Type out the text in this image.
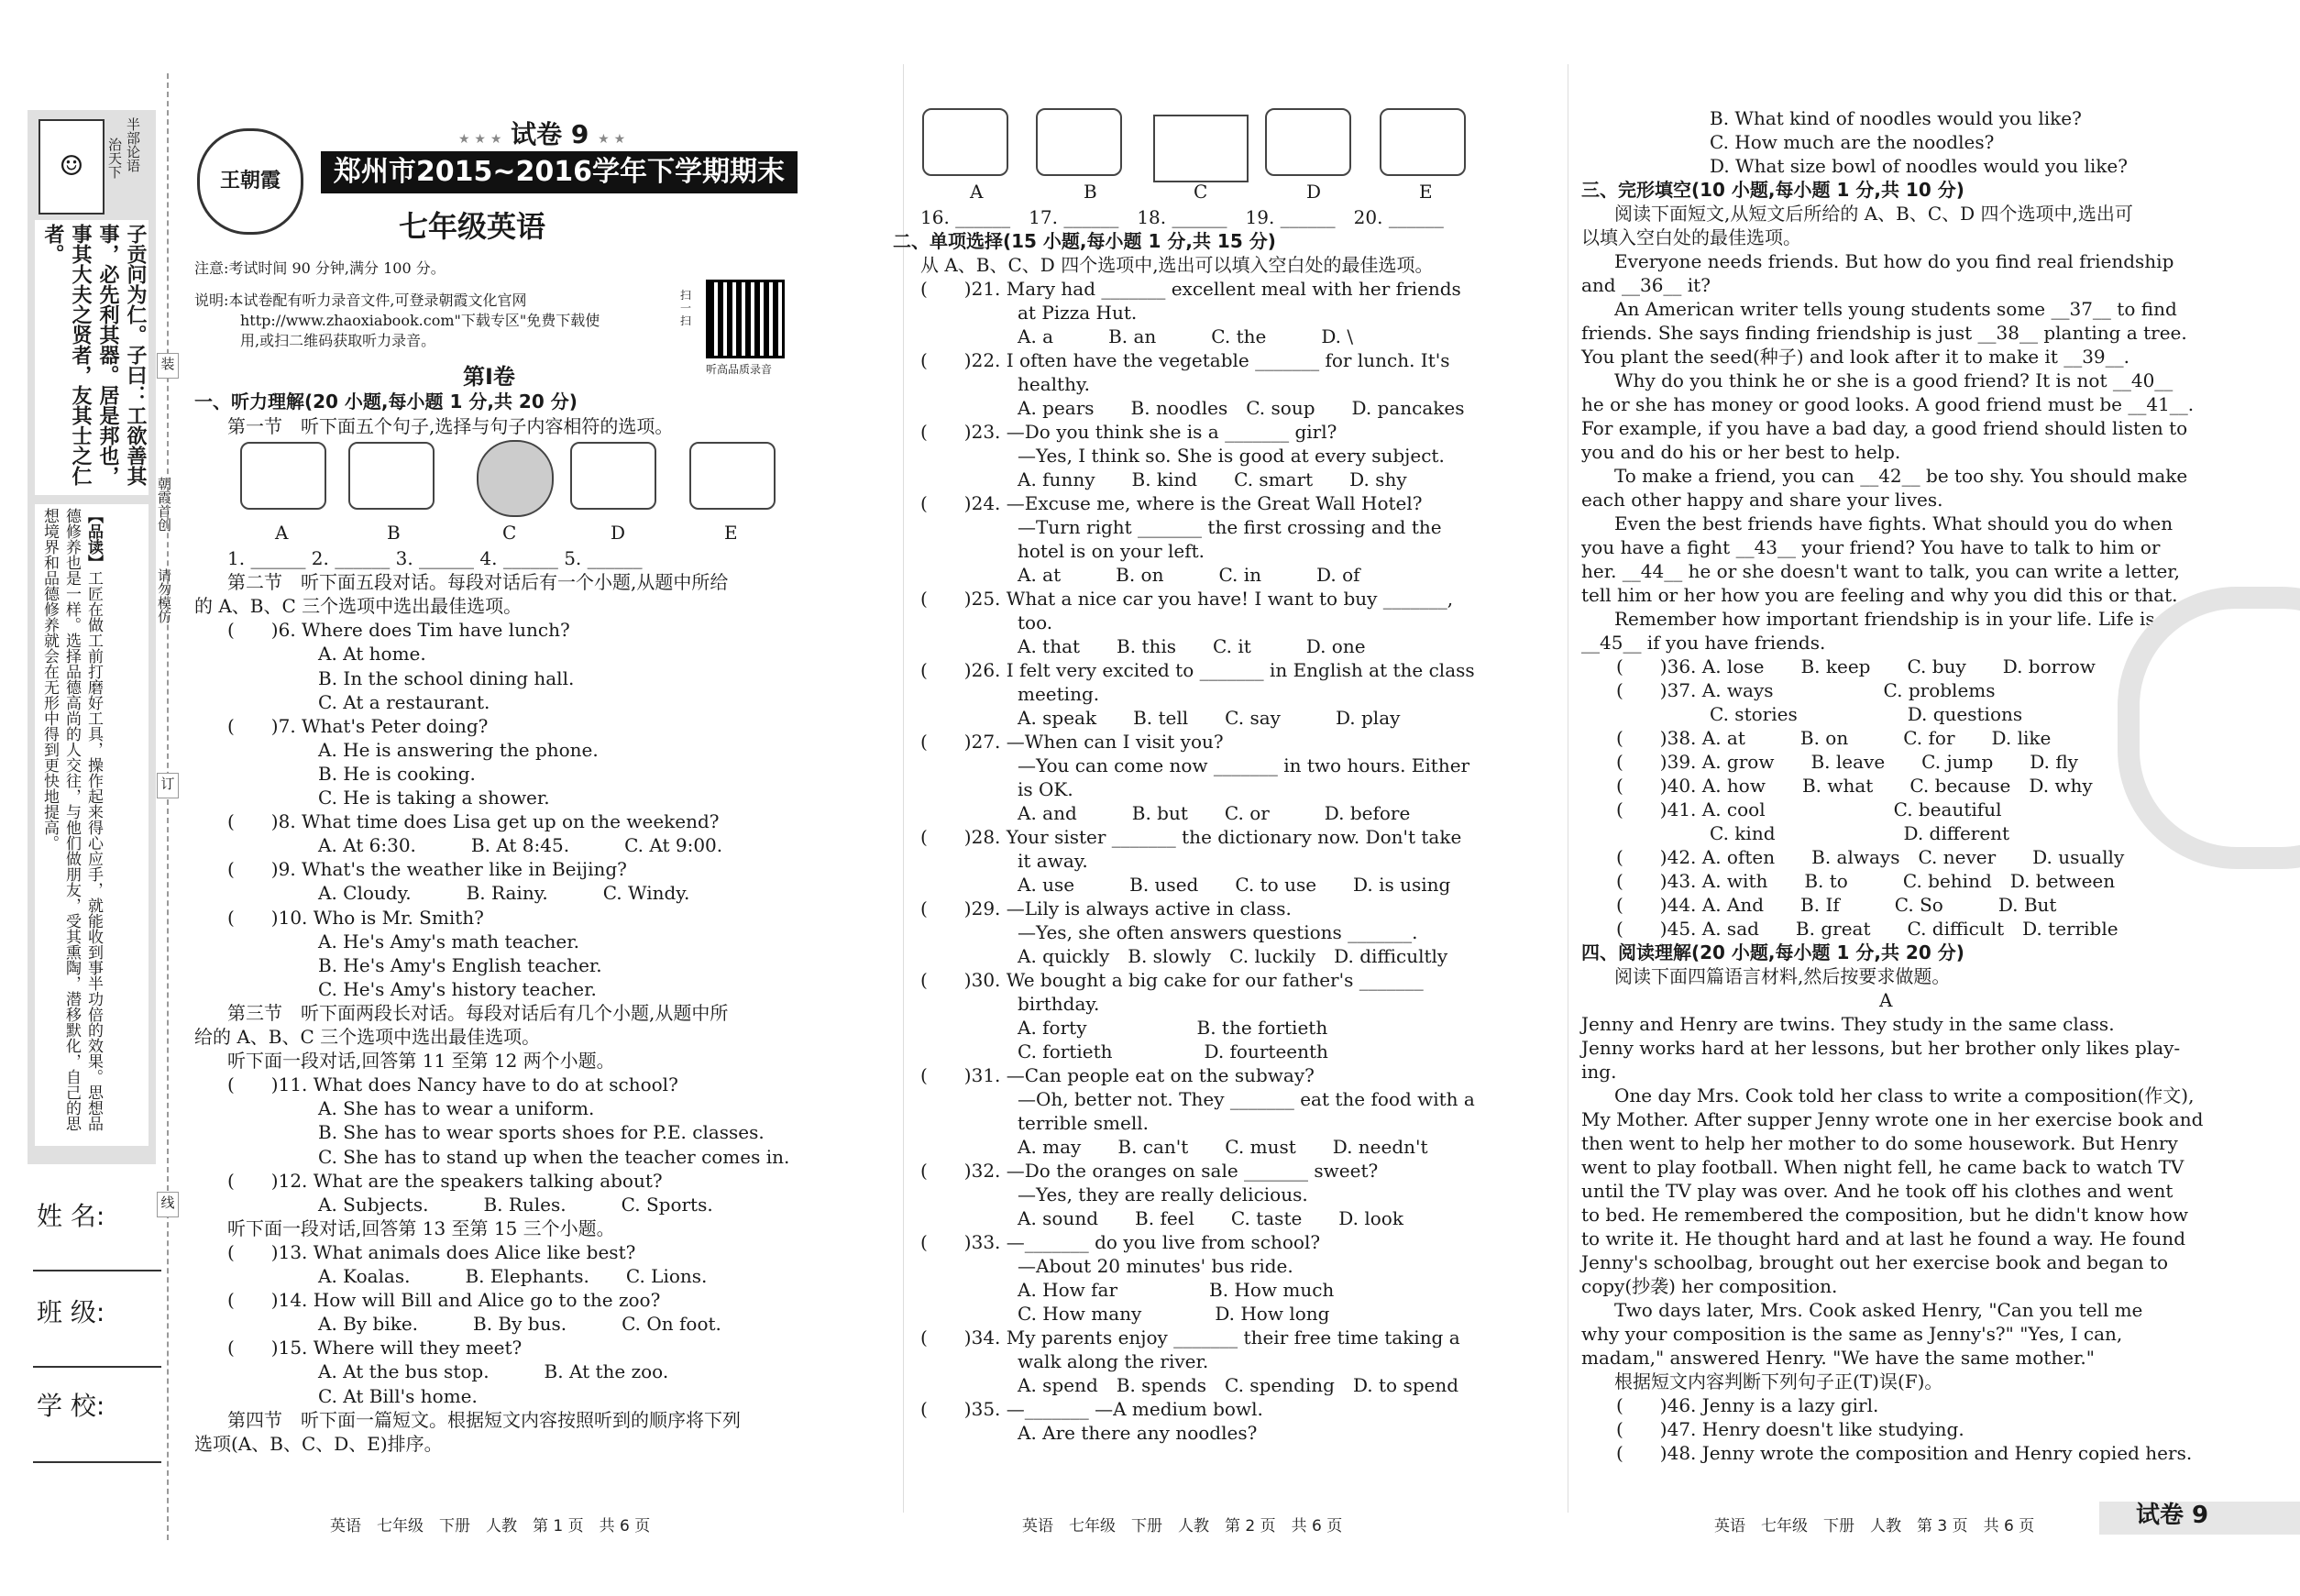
☺	半部论语
治天下
子贡问为仁。子曰：工欲善其事，必先利其器。居是邦也，事其大夫之贤者，友其士之仁者。
【品读】工匠在做工前打磨好工具，操作起来得心应手，就能收到事半功倍的效果。思想品德修养也是一样。选择品德高尚的人交往，与他们做朋友，受其熏陶，潜移默化，自己的思想境界和品德修养就会在无形中得到更快地提高。
朝霞首创
请勿模仿
装
订
线
姓 名:
班 级:
学 校:
王朝霞
★ ★ ★ 试卷 9 ★ ★
郑州市2015~2016学年下学期期末考试试题
七年级英语
注意:考试时间 90 分钟,满分 100 分。
说明:本试卷配有听力录音文件,可登录朝霞文化官网
http://www.zhaoxiabook.com"下载专区"免费下载使
用,或扫二维码获取听力录音。
扫一扫
听高品质录音
第Ⅰ卷
一、听力理解(20 小题,每小题 1 分,共 20 分)
第一节　听下面五个句子,选择与句子内容相符的选项。
A	B	C	D	E
1. ______ 2. ______ 3. ______ 4. ______ 5. ______
第二节　听下面五段对话。每段对话后有一个小题,从题中所给
的 A、B、C 三个选项中选出最佳选项。
(　　)6. Where does Tim have lunch?
A. At home.
B. In the school dining hall.
C. At a restaurant.
(　　)7. What's Peter doing?
A. He is answering the phone.
B. He is cooking.
C. He is taking a shower.
(　　)8. What time does Lisa get up on the weekend?
A. At 6:30.　　　B. At 8:45.　　　C. At 9:00.
(　　)9. What's the weather like in Beijing?
A. Cloudy.　　　B. Rainy.　　　C. Windy.
(　　)10. Who is Mr. Smith?
A. He's Amy's math teacher.
B. He's Amy's English teacher.
C. He's Amy's history teacher.
第三节　听下面两段长对话。每段对话后有几个小题,从题中所
给的 A、B、C 三个选项中选出最佳选项。
听下面一段对话,回答第 11 至第 12 两个小题。
(　　)11. What does Nancy have to do at school?
A. She has to wear a uniform.
B. She has to wear sports shoes for P.E. classes.
C. She has to stand up when the teacher comes in.
(　　)12. What are the speakers talking about?
A. Subjects.　　　B. Rules.　　　C. Sports.
听下面一段对话,回答第 13 至第 15 三个小题。
(　　)13. What animals does Alice like best?
A. Koalas.　　　B. Elephants.　　C. Lions.
(　　)14. How will Bill and Alice go to the zoo?
A. By bike.　　　B. By bus.　　　C. On foot.
(　　)15. Where will they meet?
A. At the bus stop.　　　B. At the zoo.
C. At Bill's home.
第四节　听下面一篇短文。根据短文内容按照听到的顺序将下列
选项(A、B、C、D、E)排序。
A	B	C	D	E
16. ______　17. ______　18. ______　19. ______　20. ______
二、单项选择(15 小题,每小题 1 分,共 15 分)
从 A、B、C、D 四个选项中,选出可以填入空白处的最佳选项。
(　　)21. Mary had _______ excellent meal with her friends
at Pizza Hut.
A. a　　　B. an　　　C. the　　　D. \
(　　)22. I often have the vegetable _______ for lunch. It's
healthy.
A. pears　　B. noodles　C. soup　　D. pancakes
(　　)23. —Do you think she is a _______ girl?
—Yes, I think so. She is good at every subject.
A. funny　　B. kind　　C. smart　　D. shy
(　　)24. —Excuse me, where is the Great Wall Hotel?
—Turn right _______ the first crossing and the
hotel is on your left.
A. at　　　B. on　　　C. in　　　D. of
(　　)25. What a nice car you have! I want to buy _______,
too.
A. that　　B. this　　C. it　　　D. one
(　　)26. I felt very excited to _______ in English at the class
meeting.
A. speak　　B. tell　　C. say　　　D. play
(　　)27. —When can I visit you?
—You can come now _______ in two hours. Either
is OK.
A. and　　　B. but　　C. or　　　D. before
(　　)28. Your sister _______ the dictionary now. Don't take
it away.
A. use　　　B. used　　C. to use　　D. is using
(　　)29. —Lily is always active in class.
—Yes, she often answers questions _______.
A. quickly　B. slowly　C. luckily　D. difficultly
(　　)30. We bought a big cake for our father's _______
birthday.
A. forty　　　　　　B. the fortieth
C. fortieth　　　　　D. fourteenth
(　　)31. —Can people eat on the subway?
—Oh, better not. They _______ eat the food with a
terrible smell.
A. may　　B. can't　　C. must　　D. needn't
(　　)32. —Do the oranges on sale _______ sweet?
—Yes, they are really delicious.
A. sound　　B. feel　　C. taste　　D. look
(　　)33. —_______ do you live from school?
—About 20 minutes' bus ride.
A. How far　　　　　B. How much
C. How many　　　　D. How long
(　　)34. My parents enjoy _______ their free time taking a
walk along the river.
A. spend　B. spends　C. spending　D. to spend
(　　)35. —_______ —A medium bowl.
A. Are there any noodles?
B. What kind of noodles would you like?
C. How much are the noodles?
D. What size bowl of noodles would you like?
三、完形填空(10 小题,每小题 1 分,共 10 分)
阅读下面短文,从短文后所给的 A、B、C、D 四个选项中,选出可
以填入空白处的最佳选项。
Everyone needs friends. But how do you find real friendship
and __36__ it?
An American writer tells young students some __37__ to find
friends. She says finding friendship is just __38__ planting a tree.
You plant the seed(种子) and look after it to make it __39__.
Why do you think he or she is a good friend? It is not __40__
he or she has money or good looks. A good friend must be __41__.
For example, if you have a bad day, a good friend should listen to
you and do his or her best to help.
To make a friend, you can __42__ be too shy. You should make
each other happy and share your lives.
Even the best friends have fights. What should you do when
you have a fight __43__ your friend? You have to talk to him or
her. __44__ he or she doesn't want to talk, you can write a letter,
tell him or her how you are feeling and why you did this or that.
Remember how important friendship is in your life. Life is
__45__ if you have friends.
(　　)36. A. lose　　B. keep　　C. buy　　D. borrow
(　　)37. A. ways　　　　　　C. problems
C. stories　　　　　　D. questions
(　　)38. A. at　　　B. on　　　C. for　　D. like
(　　)39. A. grow　　B. leave　　C. jump　　D. fly
(　　)40. A. how　　B. what　　C. because　D. why
(　　)41. A. cool　　　　　　　C. beautiful
C. kind　　　　　　　D. different
(　　)42. A. often　　B. always　C. never　　D. usually
(　　)43. A. with　　B. to　　　C. behind　D. between
(　　)44. A. And　　B. If　　　C. So　　　D. But
(　　)45. A. sad　　B. great　　C. difficult　D. terrible
四、阅读理解(20 小题,每小题 1 分,共 20 分)
阅读下面四篇语言材料,然后按要求做题。
A
Jenny and Henry are twins. They study in the same class.
Jenny works hard at her lessons, but her brother only likes play-
ing.
One day Mrs. Cook told her class to write a composition(作文),
My Mother. After supper Jenny wrote one in her exercise book and
then went to help her mother to do some housework. But Henry
went to play football. When night fell, he came back to watch TV
until the TV play was over. And he took off his clothes and went
to bed. He remembered the composition, but he didn't know how
to write it. He thought hard and at last he found a way. He found
Jenny's schoolbag, brought out her exercise book and began to
copy(抄袭) her composition.
Two days later, Mrs. Cook asked Henry, "Can you tell me
why your composition is the same as Jenny's?" "Yes, I can,
madam," answered Henry. "We have the same mother."
根据短文内容判断下列句子正(T)误(F)。
(　　)46. Jenny is a lazy girl.
(　　)47. Henry doesn't like studying.
(　　)48. Jenny wrote the composition and Henry copied hers.
英语　七年级　下册　人教　第 1 页　共 6 页	英语　七年级　下册　人教　第 2 页　共 6 页	英语　七年级　下册　人教　第 3 页　共 6 页	试卷 9
